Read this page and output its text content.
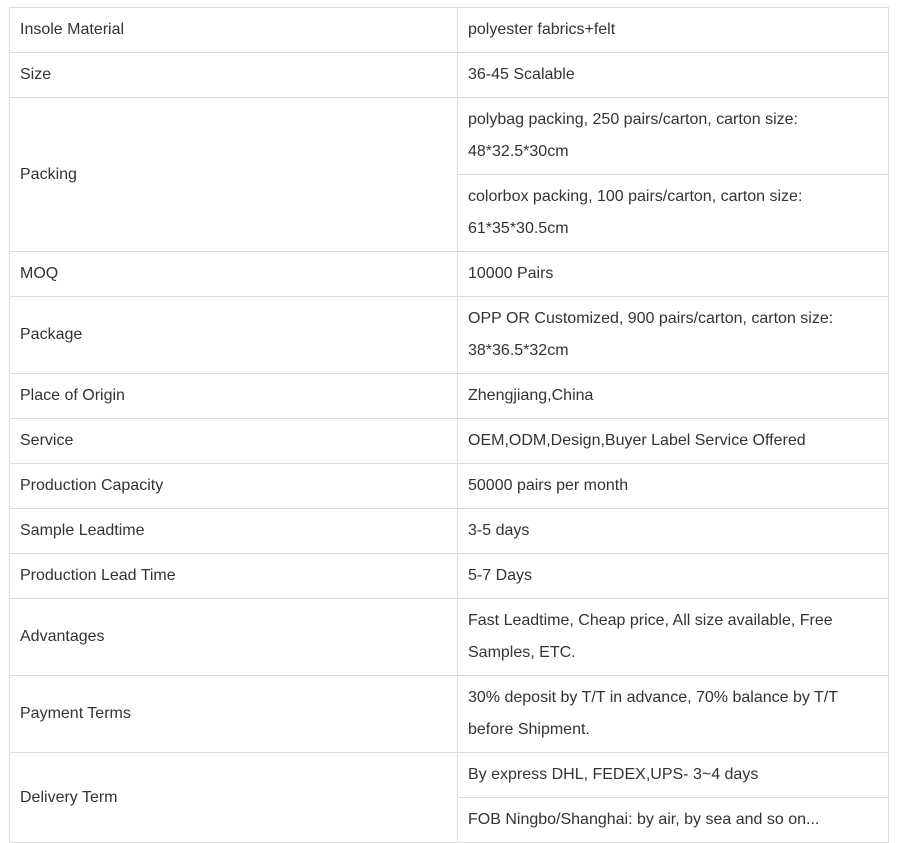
Insole Material	polyester fabrics+felt
Size	36-45 Scalable
Packing	polybag packing, 250 pairs/carton, carton size: 48*32.5*30cm
	colorbox packing, 100 pairs/carton, carton size: 61*35*30.5cm
MOQ	10000 Pairs
Package	OPP OR Customized, 900 pairs/carton, carton size: 38*36.5*32cm
Place of Origin	Zhengjiang,China
Service	OEM,ODM,Design,Buyer Label Service Offered
Production Capacity	50000 pairs per month
Sample Leadtime	3-5 days
Production Lead Time	5-7 Days
Advantages	Fast Leadtime, Cheap price, All size available, Free Samples, ETC.
Payment Terms	30% deposit by T/T in advance, 70% balance by T/T before Shipment.
Delivery Term	By express DHL, FEDEX,UPS- 3~4 days
	FOB Ningbo/Shanghai: by air, by sea and so on...
